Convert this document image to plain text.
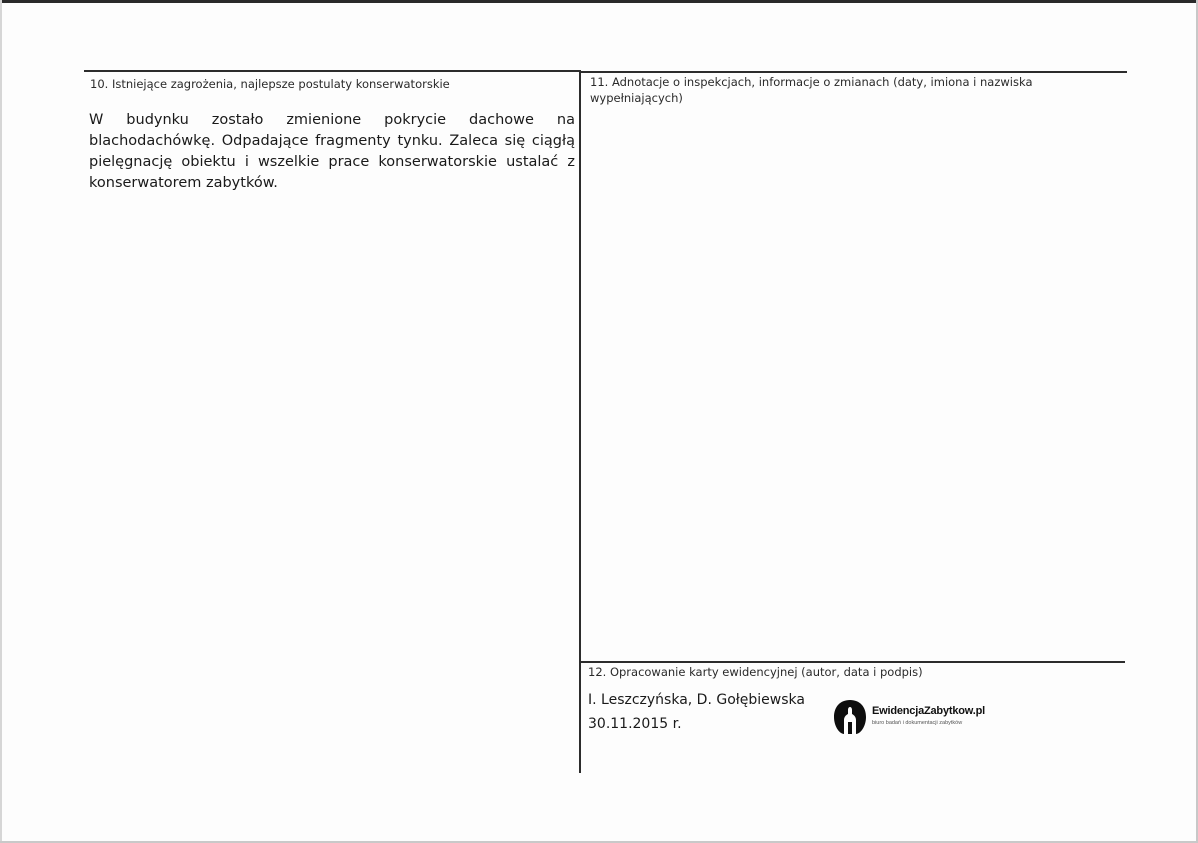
10. Istniejące zagrożenia, najlepsze postulaty konserwatorskie
W budynku zostało zmienione pokrycie dachowe na blachodachówkę. Odpadające fragmenty tynku. Zaleca się ciągłą pielęgnację obiektu i wszelkie prace konserwatorskie ustalać z konserwatorem zabytków.
11. Adnotacje o inspekcjach, informacje o zmianach (daty, imiona i nazwiska wypełniających)
12. Opracowanie karty ewidencyjnej (autor, data i podpis)
I. Leszczyńska, D. Gołębiewska
30.11.2015 r.
EwidencjaZabytkow.pl
biuro badań i dokumentacji zabytków
